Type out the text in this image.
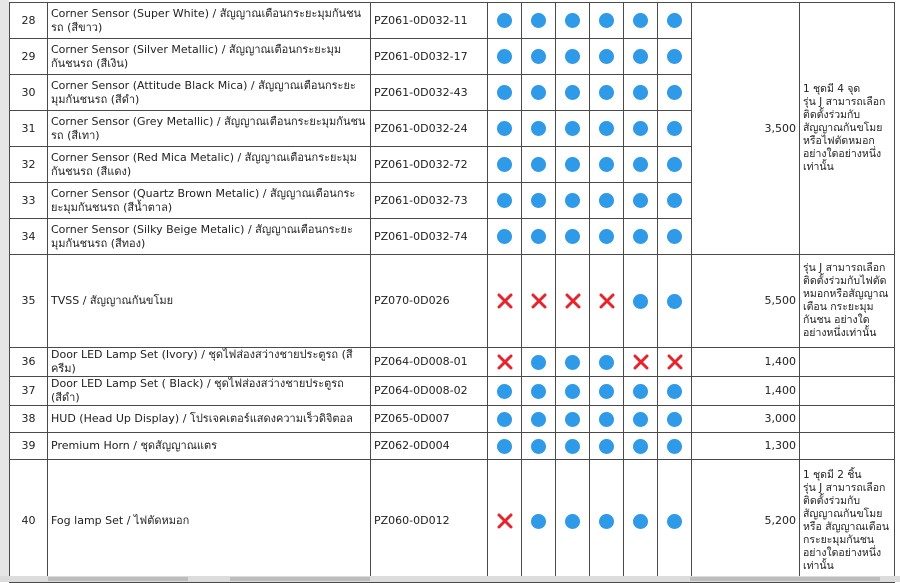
28	Corner Sensor (Super White) / สัญญาณเตือนกระยะมุมกันชนรถ (สีขาว)	PZ061-0D032-11							3,500	1 ชุดมี 4 จุด
รุ่น J สามารถเลือกติดตั้งร่วมกับสัญญาณกันขโมยหรือไฟตัดหมอกอย่างใดอย่างหนึ่งเท่านั้น

29	Corner Sensor (Silver Metallic) / สัญญาณเตือนกระยะมุมกันชนรถ (สีเงิน)	PZ061-0D032-17								
30	Corner Sensor (Attitude Black Mica) / สัญญาณเตือนกระยะมุมกันชนรถ (สีดำ)	PZ061-0D032-43								
31	Corner Sensor (Grey Metallic) / สัญญาณเตือนกระยะมุมกันชนรถ (สีเทา)	PZ061-0D032-24								
32	Corner Sensor (Red Mica Metalic) / สัญญาณเตือนกระยะมุมกันชนรถ (สีแดง)	PZ061-0D032-72								
33	Corner Sensor (Quartz Brown Metalic) / สัญญาณเตือนกระยะมุมกันชนรถ (สีน้ำตาล)	PZ061-0D032-73								
34	Corner Sensor (Silky Beige Metalic) / สัญญาณเตือนกระยะมุมกันชนรถ (สีทอง)	PZ061-0D032-74								
35	TVSS / สัญญาณกันขโมย	PZ070-0D026							5,500	รุ่น J สามารถเลือกติดตั้งร่วมกับไฟตัดหมอกหรือสัญญาณเตือน กระยะมุมกันชน อย่างใดอย่างหนึ่งเท่านั้น

36	Door LED Lamp Set (Ivory) / ชุดไฟส่องสว่างชายประตูรถ (สีครีม)	PZ064-0D008-01							1,400	
37	Door LED Lamp Set ( Black) / ชุดไฟส่องสว่างชายประตูรถ (สีดำ)	PZ064-0D008-02							1,400	
38	HUD (Head Up Display) / โปรเจคเตอร์แสดงความเร็วดิจิตอล	PZ065-0D007							3,000	
39	Premium Horn / ชุดสัญญาณแตร	PZ062-0D004							1,300	
40	Fog lamp Set / ไฟตัดหมอก	PZ060-0D012							5,200	1 ชุดมี 2 ชิ้น
รุ่น J สามารถเลือกติดตั้งร่วมกับสัญญาณกันขโมยหรือ สัญญาณเตือนกระยะมุมกันชนอย่างใดอย่างหนึ่งเท่านั้น
